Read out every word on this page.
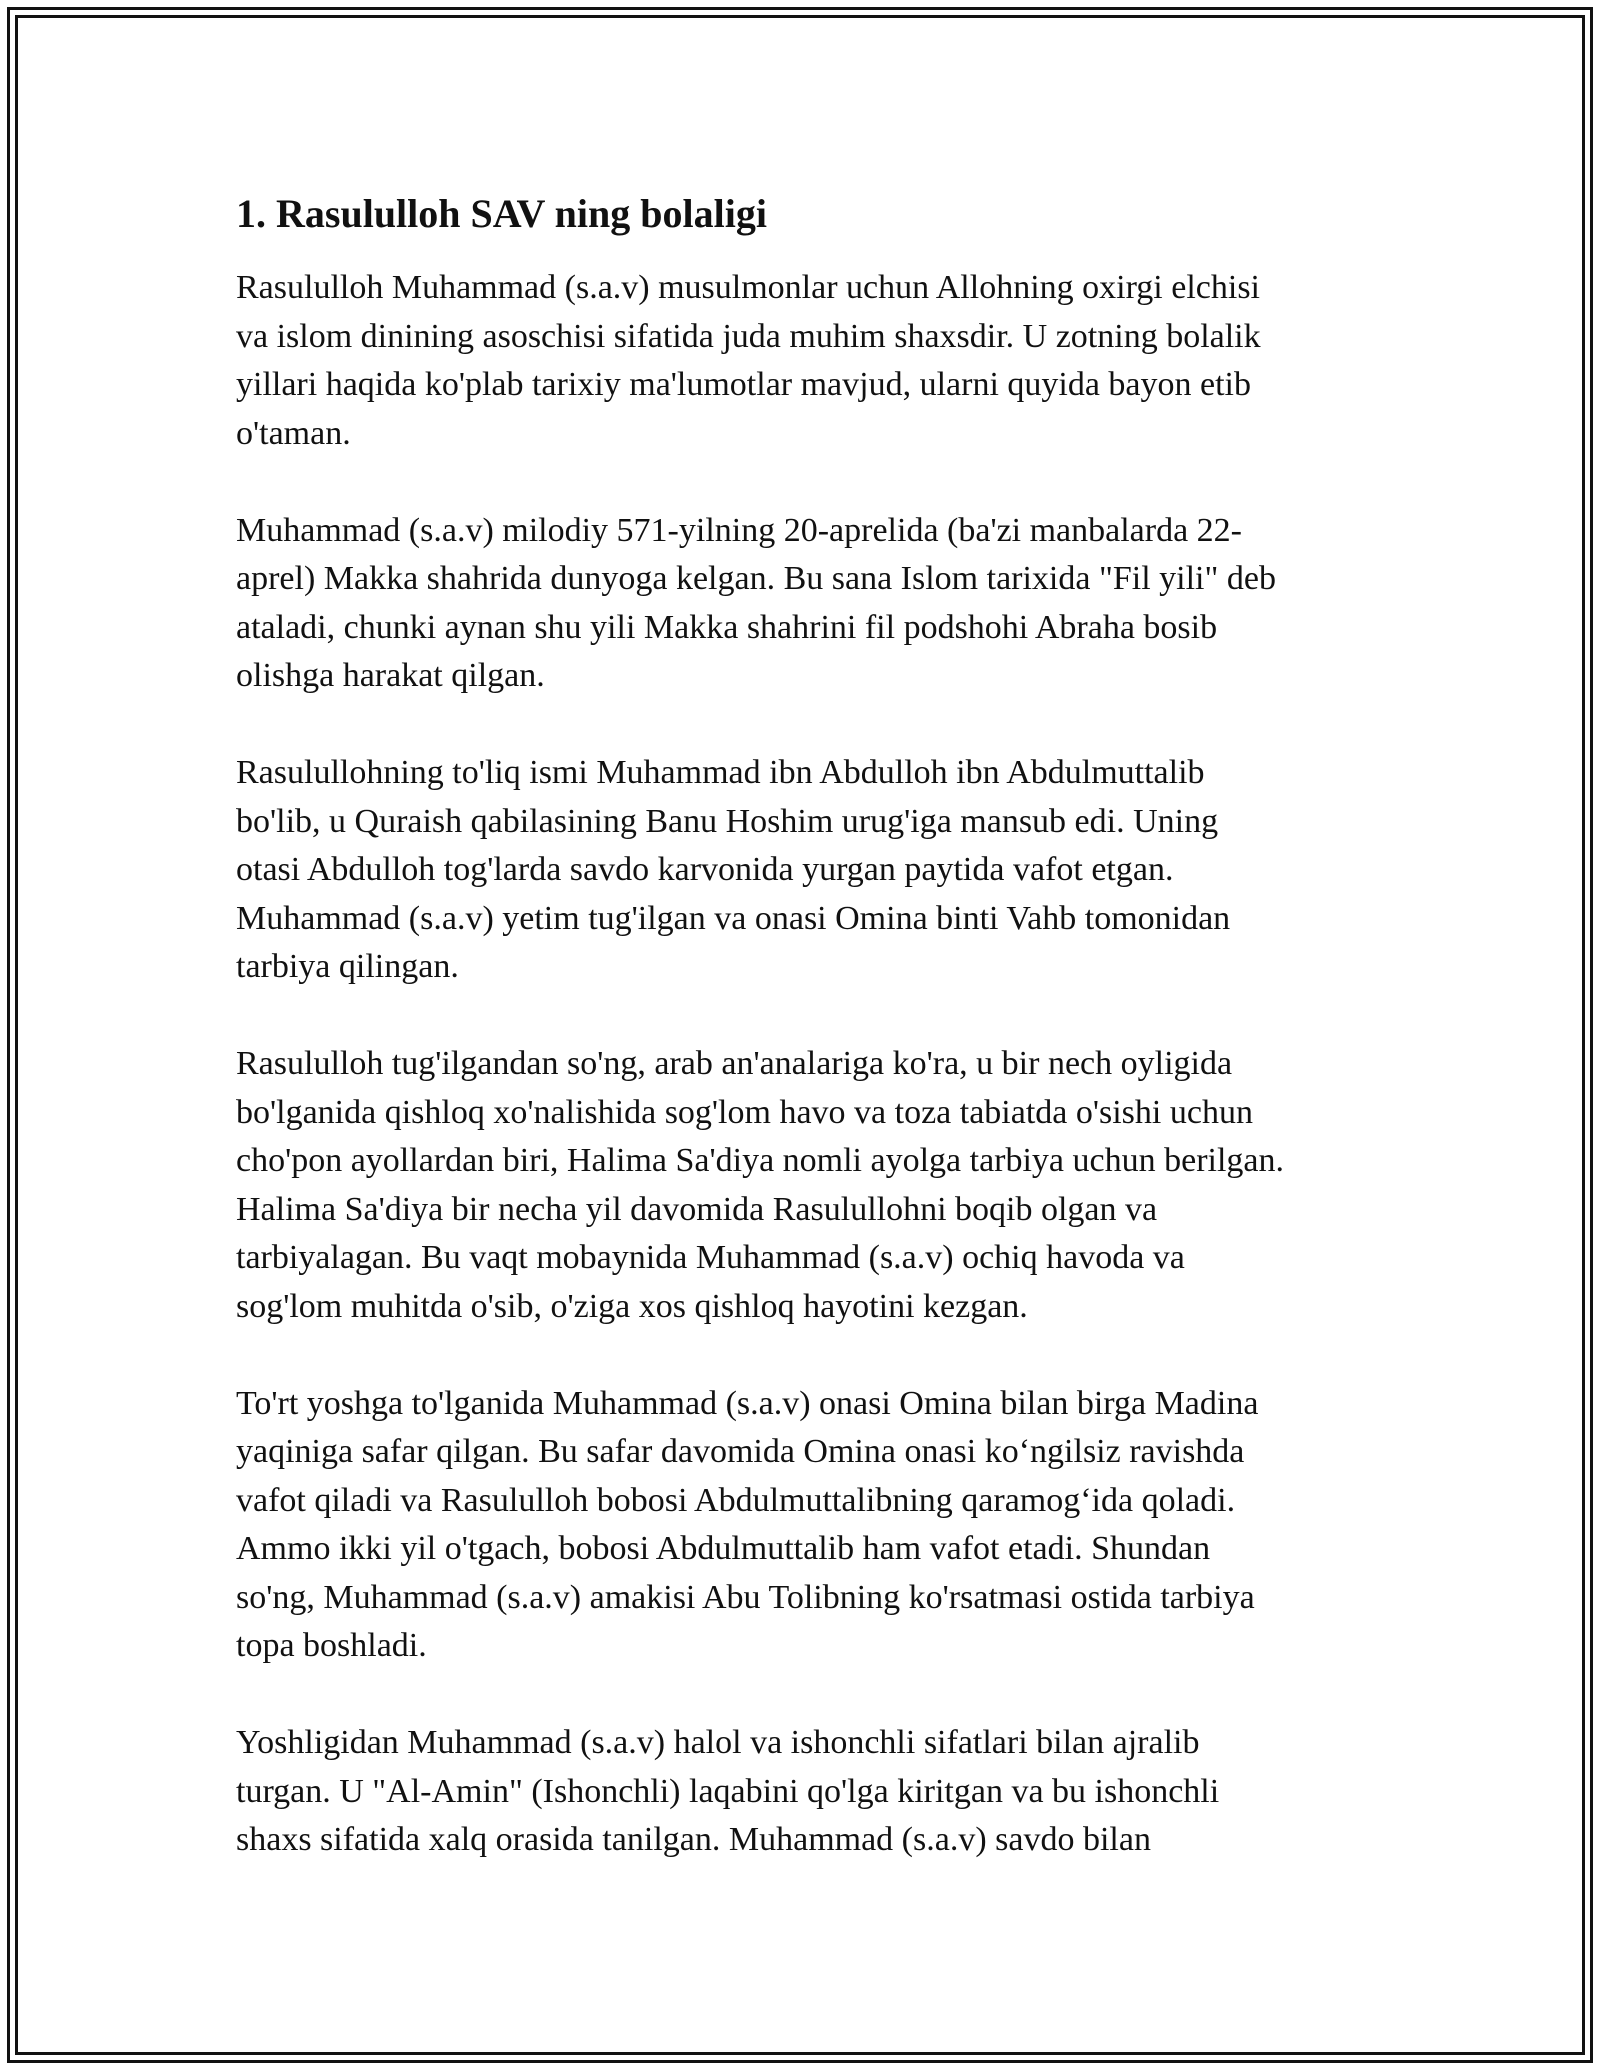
1. Rasululloh SAV ning bolaligi
Rasululloh Muhammad (s.a.v) musulmonlar uchun Allohning oxirgi elchisi
va islom dinining asoschisi sifatida juda muhim shaxsdir. U zotning bolalik
yillari haqida ko'plab tarixiy ma'lumotlar mavjud, ularni quyida bayon etib
o'taman.
Muhammad (s.a.v) milodiy 571-yilning 20-aprelida (ba'zi manbalarda 22-
aprel) Makka shahrida dunyoga kelgan. Bu sana Islom tarixida "Fil yili" deb
ataladi, chunki aynan shu yili Makka shahrini fil podshohi Abraha bosib
olishga harakat qilgan.
Rasulullohning to'liq ismi Muhammad ibn Abdulloh ibn Abdulmuttalib
bo'lib, u Quraish qabilasining Banu Hoshim urug'iga mansub edi. Uning
otasi Abdulloh tog'larda savdo karvonida yurgan paytida vafot etgan.
Muhammad (s.a.v) yetim tug'ilgan va onasi Omina binti Vahb tomonidan
tarbiya qilingan.
Rasululloh tug'ilgandan so'ng, arab an'analariga ko'ra, u bir nech oyligida
bo'lganida qishloq xo'nalishida sog'lom havo va toza tabiatda o'sishi uchun
cho'pon ayollardan biri, Halima Sa'diya nomli ayolga tarbiya uchun berilgan.
Halima Sa'diya bir necha yil davomida Rasulullohni boqib olgan va
tarbiyalagan. Bu vaqt mobaynida Muhammad (s.a.v) ochiq havoda va
sog'lom muhitda o'sib, o'ziga xos qishloq hayotini kezgan.
To'rt yoshga to'lganida Muhammad (s.a.v) onasi Omina bilan birga Madina
yaqiniga safar qilgan. Bu safar davomida Omina onasi ko‘ngilsiz ravishda
vafot qiladi va Rasululloh bobosi Abdulmuttalibning qaramog‘ida qoladi.
Ammo ikki yil o'tgach, bobosi Abdulmuttalib ham vafot etadi. Shundan
so'ng, Muhammad (s.a.v) amakisi Abu Tolibning ko'rsatmasi ostida tarbiya
topa boshladi.
Yoshligidan Muhammad (s.a.v) halol va ishonchli sifatlari bilan ajralib
turgan. U "Al-Amin" (Ishonchli) laqabini qo'lga kiritgan va bu ishonchli
shaxs sifatida xalq orasida tanilgan. Muhammad (s.a.v) savdo bilan
